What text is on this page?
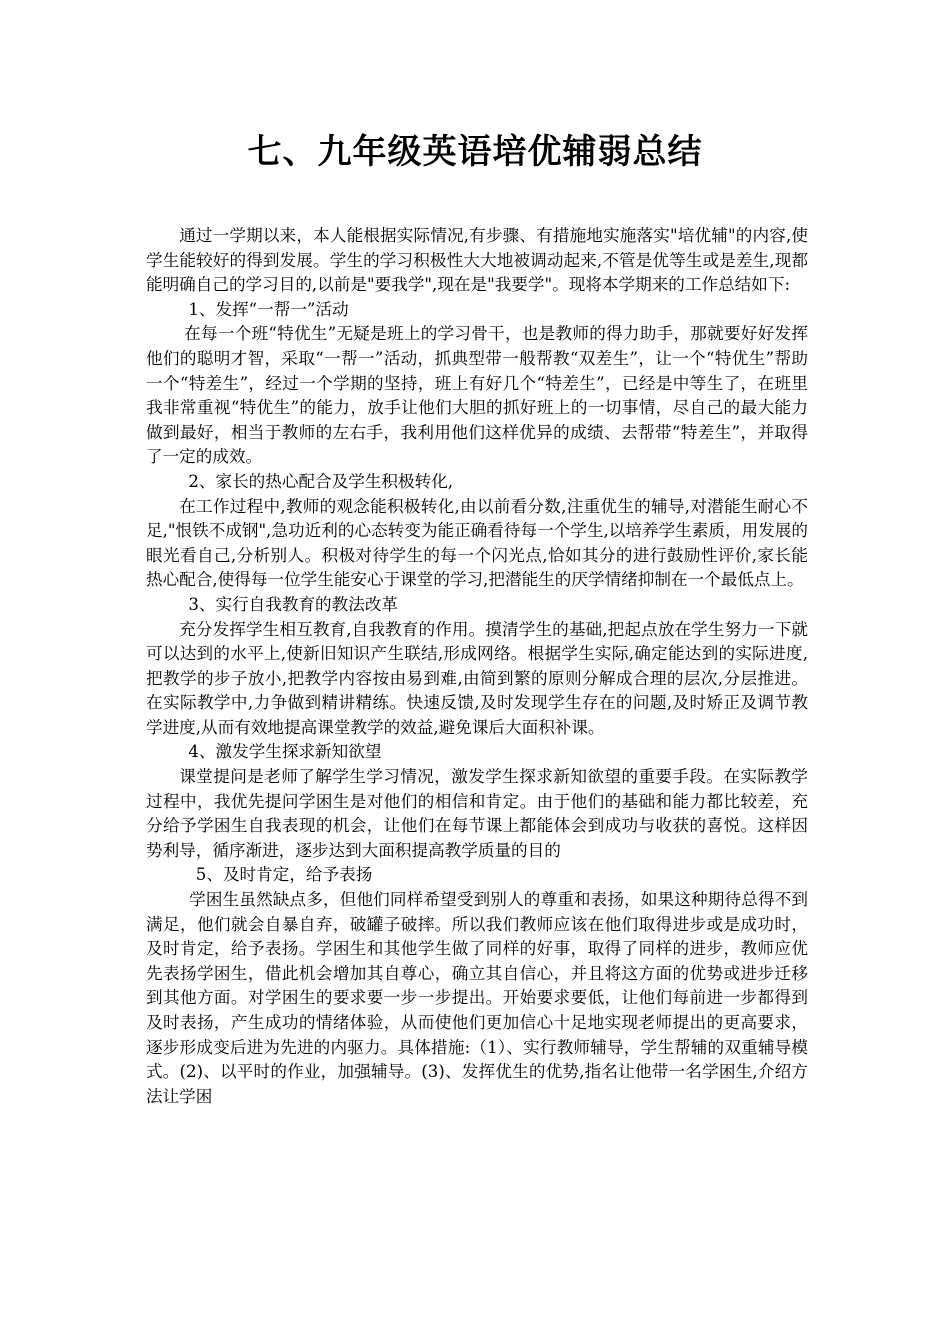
七、九年级英语培优辅弱总结

通过一学期以来，本人能根据实际情况,有步骤、有措施地实施落实"培优辅"的内容,使学生能较好的得到发展。学生的学习积极性大大地被调动起来,不管是优等生或是差生,现都能明确自己的学习目的,以前是"要我学",现在是"我要学"。现将本学期来的工作总结如下:

1、发挥“一帮一”活动

在每一个班“特优生”无疑是班上的学习骨干，也是教师的得力助手，那就要好好发挥他们的聪明才智，采取“一帮一”活动，抓典型带一般帮教“双差生”，让一个“特优生”帮助一个“特差生”，经过一个学期的坚持，班上有好几个“特差生”，已经是中等生了，在班里我非常重视“特优生”的能力，放手让他们大胆的抓好班上的一切事情，尽自己的最大能力做到最好，相当于教师的左右手，我利用他们这样优异的成绩、去帮带“特差生”，并取得了一定的成效。

2、家长的热心配合及学生积极转化,

在工作过程中,教师的观念能积极转化,由以前看分数,注重优生的辅导,对潜能生耐心不足,"恨铁不成钢",急功近利的心态转变为能正确看待每一个学生,以培养学生素质，用发展的眼光看自己,分析别人。积极对待学生的每一个闪光点,恰如其分的进行鼓励性评价,家长能热心配合,使得每一位学生能安心于课堂的学习,把潜能生的厌学情绪抑制在一个最低点上。

3、实行自我教育的教法改革

充分发挥学生相互教育,自我教育的作用。摸清学生的基础,把起点放在学生努力一下就可以达到的水平上,使新旧知识产生联结,形成网络。根据学生实际,确定能达到的实际进度,把教学的步子放小,把教学内容按由易到难,由简到繁的原则分解成合理的层次,分层推进。在实际教学中,力争做到精讲精练。快速反馈,及时发现学生存在的问题,及时矫正及调节教学进度,从而有效地提高课堂教学的效益,避免课后大面积补课。

4、激发学生探求新知欲望

课堂提问是老师了解学生学习情况，激发学生探求新知欲望的重要手段。在实际教学过程中，我优先提问学困生是对他们的相信和肯定。由于他们的基础和能力都比较差，充分给予学困生自我表现的机会，让他们在每节课上都能体会到成功与收获的喜悦。这样因势利导，循序渐进，逐步达到大面积提高教学质量的目的

5、及时肯定，给予表扬

学困生虽然缺点多，但他们同样希望受到别人的尊重和表扬，如果这种期待总得不到满足，他们就会自暴自弃，破罐子破摔。所以我们教师应该在他们取得进步或是成功时，及时肯定，给予表扬。学困生和其他学生做了同样的好事，取得了同样的进步，教师应优先表扬学困生，借此机会增加其自尊心，确立其自信心，并且将这方面的优势或进步迁移到其他方面。对学困生的要求要一步一步提出。开始要求要低，让他们每前进一步都得到及时表扬，产生成功的情绪体验，从而使他们更加信心十足地实现老师提出的更高要求，逐步形成变后进为先进的内驱力。具体措施:（1）、实行教师辅导，学生帮辅的双重辅导模式。(2)、以平时的作业，加强辅导。(3)、发挥优生的优势,指名让他带一名学困生,介绍方法让学困
